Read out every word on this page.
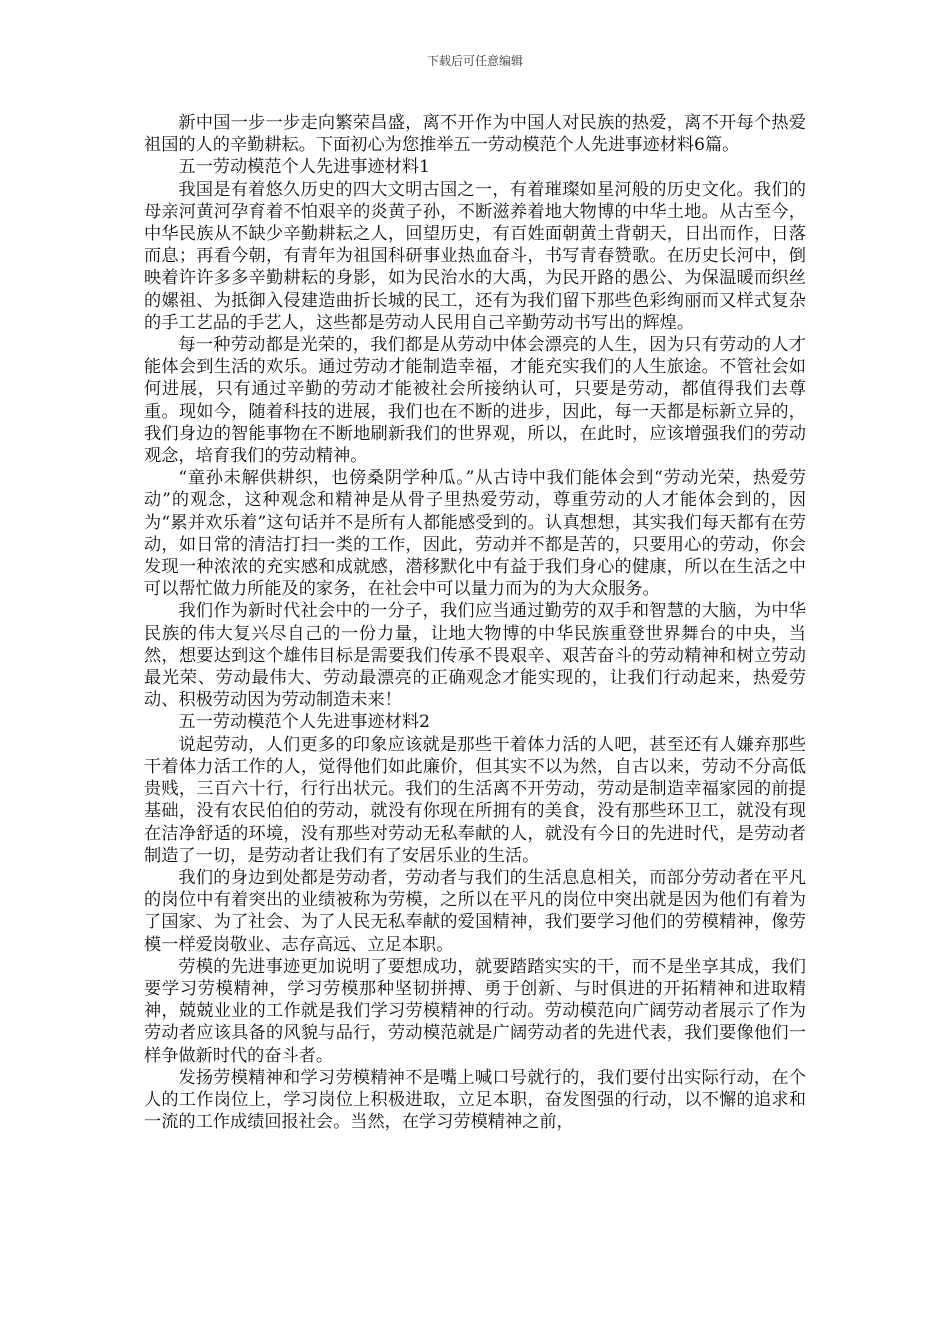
下载后可任意编辑

新中国一步一步走向繁荣昌盛，离不开作为中国人对民族的热爱，离不开每个热爱祖国的人的辛勤耕耘。下面初心为您推举五一劳动模范个人先进事迹材料6篇。

五一劳动模范个人先进事迹材料1

我国是有着悠久历史的四大文明古国之一，有着璀璨如星河般的历史文化。我们的母亲河黄河孕育着不怕艰辛的炎黄子孙，不断滋养着地大物博的中华土地。从古至今，中华民族从不缺少辛勤耕耘之人，回望历史，有百姓面朝黄土背朝天，日出而作，日落而息；再看今朝，有青年为祖国科研事业热血奋斗，书写青春赞歌。在历史长河中，倒映着许许多多辛勤耕耘的身影，如为民治水的大禹，为民开路的愚公、为保温暖而织丝的嫘祖、为抵御入侵建造曲折长城的民工，还有为我们留下那些色彩绚丽而又样式复杂的手工艺品的手艺人，这些都是劳动人民用自己辛勤劳动书写出的辉煌。

每一种劳动都是光荣的，我们都是从劳动中体会漂亮的人生，因为只有劳动的人才能体会到生活的欢乐。通过劳动才能制造幸福，才能充实我们的人生旅途。不管社会如何进展，只有通过辛勤的劳动才能被社会所接纳认可，只要是劳动，都值得我们去尊重。现如今，随着科技的进展，我们也在不断的进步，因此，每一天都是标新立异的，我们身边的智能事物在不断地刷新我们的世界观，所以，在此时，应该增强我们的劳动观念，培育我们的劳动精神。

“童孙未解供耕织，也傍桑阴学种瓜。”从古诗中我们能体会到“劳动光荣，热爱劳动”的观念，这种观念和精神是从骨子里热爱劳动，尊重劳动的人才能体会到的，因为“累并欢乐着”这句话并不是所有人都能感受到的。认真想想，其实我们每天都有在劳动，如日常的清洁打扫一类的工作，因此，劳动并不都是苦的，只要用心的劳动，你会发现一种浓浓的充实感和成就感，潜移默化中有益于我们身心的健康，所以在生活之中可以帮忙做力所能及的家务，在社会中可以量力而为的为大众服务。

我们作为新时代社会中的一分子，我们应当通过勤劳的双手和智慧的大脑，为中华民族的伟大复兴尽自己的一份力量，让地大物博的中华民族重登世界舞台的中央，当然，想要达到这个雄伟目标是需要我们传承不畏艰辛、艰苦奋斗的劳动精神和树立劳动最光荣、劳动最伟大、劳动最漂亮的正确观念才能实现的，让我们行动起来，热爱劳动、积极劳动因为劳动制造未来！

五一劳动模范个人先进事迹材料2

说起劳动，人们更多的印象应该就是那些干着体力活的人吧，甚至还有人嫌弃那些干着体力活工作的人，觉得他们如此廉价，但其实不以为然，自古以来，劳动不分高低贵贱，三百六十行，行行出状元。我们的生活离不开劳动，劳动是制造幸福家园的前提基础，没有农民伯伯的劳动，就没有你现在所拥有的美食，没有那些环卫工，就没有现在洁净舒适的环境，没有那些对劳动无私奉献的人，就没有今日的先进时代，是劳动者制造了一切，是劳动者让我们有了安居乐业的生活。

我们的身边到处都是劳动者，劳动者与我们的生活息息相关，而部分劳动者在平凡的岗位中有着突出的业绩被称为劳模，之所以在平凡的岗位中突出就是因为他们有着为了国家、为了社会、为了人民无私奉献的爱国精神，我们要学习他们的劳模精神，像劳模一样爱岗敬业、志存高远、立足本职。

劳模的先进事迹更加说明了要想成功，就要踏踏实实的干，而不是坐享其成，我们要学习劳模精神，学习劳模那种坚韧拼搏、勇于创新、与时俱进的开拓精神和进取精神，兢兢业业的工作就是我们学习劳模精神的行动。劳动模范向广阔劳动者展示了作为劳动者应该具备的风貌与品行，劳动模范就是广阔劳动者的先进代表，我们要像他们一样争做新时代的奋斗者。

发扬劳模精神和学习劳模精神不是嘴上喊口号就行的，我们要付出实际行动，在个人的工作岗位上，学习岗位上积极进取，立足本职，奋发图强的行动，以不懈的追求和一流的工作成绩回报社会。当然，在学习劳模精神之前，
